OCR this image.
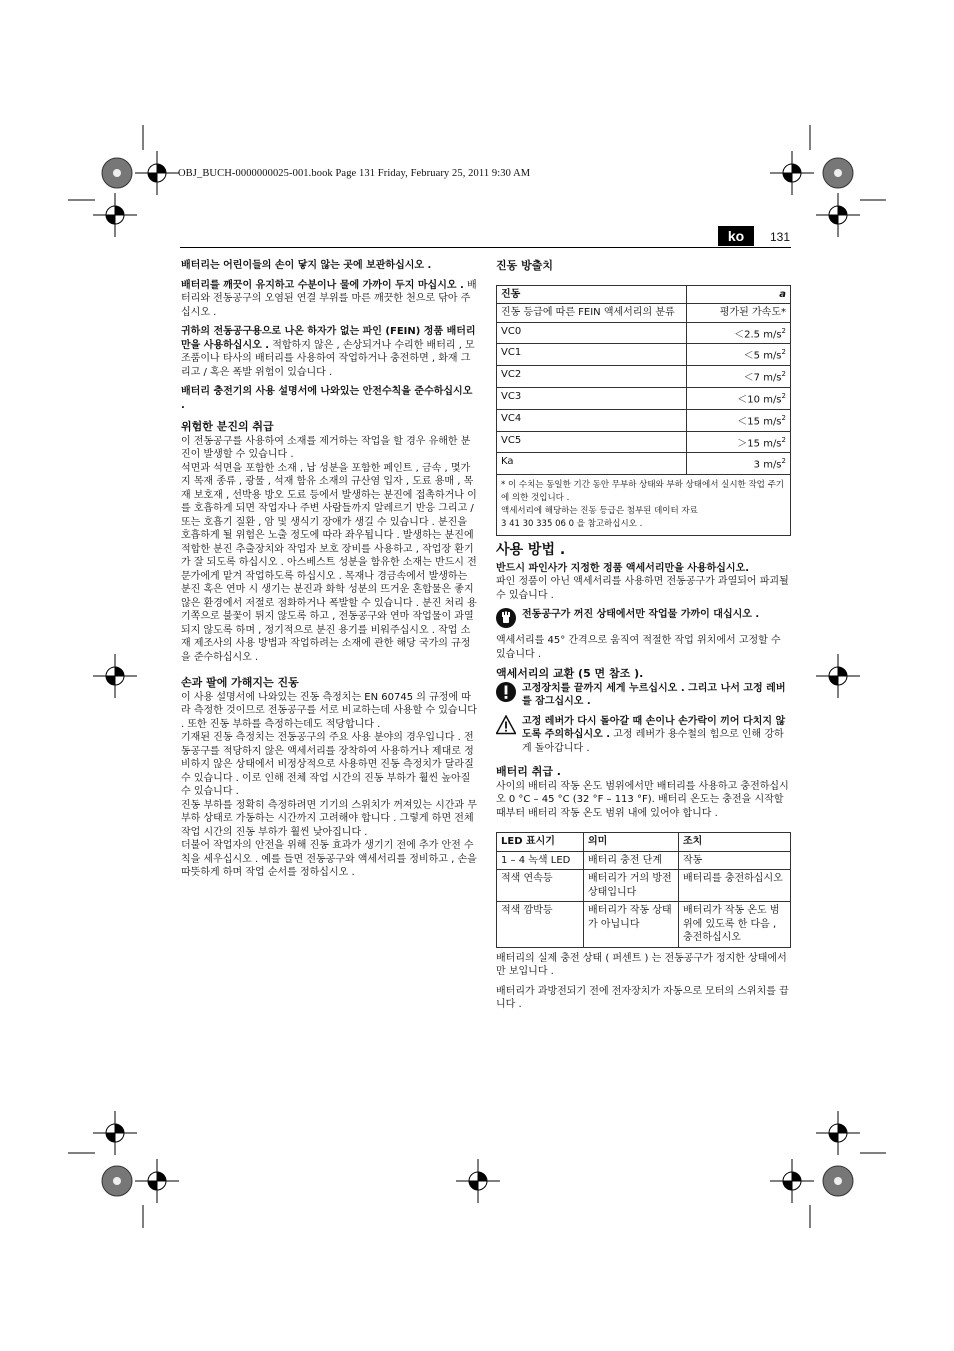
OBJ_BUCH-0000000025-001.book Page 131 Friday, February 25, 2011 9:30 AM
ko	131

배터리는 어린이들의 손이 닿지 않는 곳에 보관하십시오 .

배터리를 깨끗이 유지하고 수분이나 물에 가까이 두지 마십시오 . 배터리와 전동공구의 오염된 연결 부위를 마른 깨끗한 천으로 닦아 주십시오 .

귀하의 전동공구용으로 나온 하자가 없는 파인 (FEIN) 정품 배터리만을 사용하십시오 . 적합하지 않은 , 손상되거나 수리한 배터리 , 모조품이나 타사의 배터리를 사용하여 작업하거나 충전하면 , 화재 그리고 / 혹은 폭발 위험이 있습니다 .

배터리 충전기의 사용 설명서에 나와있는 안전수칙을 준수하십시오 .

위험한 분진의 취급

이 전동공구를 사용하여 소재를 제거하는 작업을 할 경우 유해한 분진이 발생할 수 있습니다 .

석면과 석면을 포함한 소재 , 납 성분을 포함한 페인트 , 금속 , 몇가지 목재 종류 , 광물 , 석재 함유 소재의 규산염 입자 , 도료 용매 , 목재 보호재 , 선박용 방오 도료 등에서 발생하는 분진에 접촉하거나 이를 호흡하게 되면 작업자나 주변 사람들까지 알레르기 반응 그리고 / 또는 호흡기 질환 , 암 및 생식기 장애가 생길 수 있습니다 . 분진을 호흡하게 될 위험은 노출 정도에 따라 좌우됩니다 . 발생하는 분진에 적합한 분진 추출장치와 작업자 보호 장비를 사용하고 , 작업장 환기가 잘 되도록 하십시오 . 아스베스트 성분을 함유한 소재는 반드시 전문가에게 맡겨 작업하도록 하십시오 . 목재나 경금속에서 발생하는 분진 혹은 연마 시 생기는 분진과 화학 성분의 뜨거운 혼합물은 좋지 않은 환경에서 저절로 점화하거나 폭발할 수 있습니다 . 분진 처리 용기쪽으로 불꽃이 튀지 않도록 하고 , 전동공구와 연마 작업물이 과열되지 않도록 하며 , 정기적으로 분진 용기를 비워주십시오 . 작업 소재 제조사의 사용 방법과 작업하려는 소재에 관한 해당 국가의 규정을 준수하십시오 .

손과 팔에 가해지는 진동

이 사용 설명서에 나와있는 진동 측정치는 EN 60745 의 규정에 따라 측정한 것이므로 전동공구를 서로 비교하는데 사용할 수 있습니다 . 또한 진동 부하를 측정하는데도 적당합니다 .

기재된 진동 측정치는 전동공구의 주요 사용 분야의 경우입니다 . 전동공구를 적당하지 않은 액세서리를 장착하여 사용하거나 제대로 정비하지 않은 상태에서 비정상적으로 사용하면 진동 측정치가 달라질 수 있습니다 . 이로 인해 전체 작업 시간의 진동 부하가 훨씬 높아질 수 있습니다 .

진동 부하를 정확히 측정하려면 기기의 스위치가 꺼져있는 시간과 무부하 상태로 가동하는 시간까지 고려해야 합니다 . 그렇게 하면 전체 작업 시간의 진동 부하가 훨씬 낮아집니다 .

더불어 작업자의 안전을 위해 진동 효과가 생기기 전에 추가 안전 수칙을 세우십시오 . 예를 들면 전동공구와 액세서리를 정비하고 , 손을 따뜻하게 하며 작업 순서를 정하십시오 .

진동 방출치
진동	a
진동 등급에 따른 FEIN 액세서리의 분류	평가된 가속도*
VC0	＜2.5 $m/s^2$
VC1	＜5 $m/s^2$
VC2	＜7 $m/s^2$
VC3	＜10 $m/s^2$
VC4	＜15 $m/s^2$
VC5	＞15 $m/s^2$
Ka	3 $m/s^2$
* 이 수치는 동일한 기간 동안 무부하 상태와 부하 상태에서 실시한 작업 주기에 의한 것입니다 .
액세서리에 해당하는 진동 등급은 첨부된 데이터 자료
3 41 30 335 06 0 을 참고하십시오 .
사용 방법 .

반드시 파인사가 지정한 정품 액세서리만을 사용하십시오.
파인 정품이 아닌 액세서리를 사용하면 전동공구가 과열되어 파괴될 수 있습니다 .

전동공구가 꺼진 상태에서만 작업물 가까이 대십시오 .

액세서리를 45° 간격으로 움직여 적절한 작업 위치에서 고정할 수 있습니다 .

액세서리의 교환 (5 면 참조 ).
고정장치를 끝까지 세게 누르십시오 . 그리고 나서 고정 레버를 잠그십시오 .
고정 레버가 다시 돌아갈 때 손이나 손가락이 끼어 다치지 않도록 주의하십시오 . 고정 레버가 용수철의 힘으로 인해 강하게 돌아갑니다 .
배터리 취급 .

사이의 배터리 작동 온도 범위에서만 배터리를 사용하고 충전하십시오 0 °C – 45 °C (32 °F – 113 °F). 배터리 온도는 충전을 시작할 때부터 배터리 작동 온도 범위 내에 있어야 합니다 .

LED 표시기	의미	조치
1 – 4 녹색 LED	배터리 충전 단계	작동
적색 연속등	배터리가 거의 방전 상태입니다	배터리를 충전하십시오
적색 깜박등	배터리가 작동 상태가 아닙니다	배터리가 작동 온도 범위에 있도록 한 다음 , 충전하십시오

배터리의 실제 충전 상태 ( 퍼센트 ) 는 전동공구가 정지한 상태에서만 보입니다 .

배터리가 과방전되기 전에 전자장치가 자동으로 모터의 스위치를 끕니다 .
